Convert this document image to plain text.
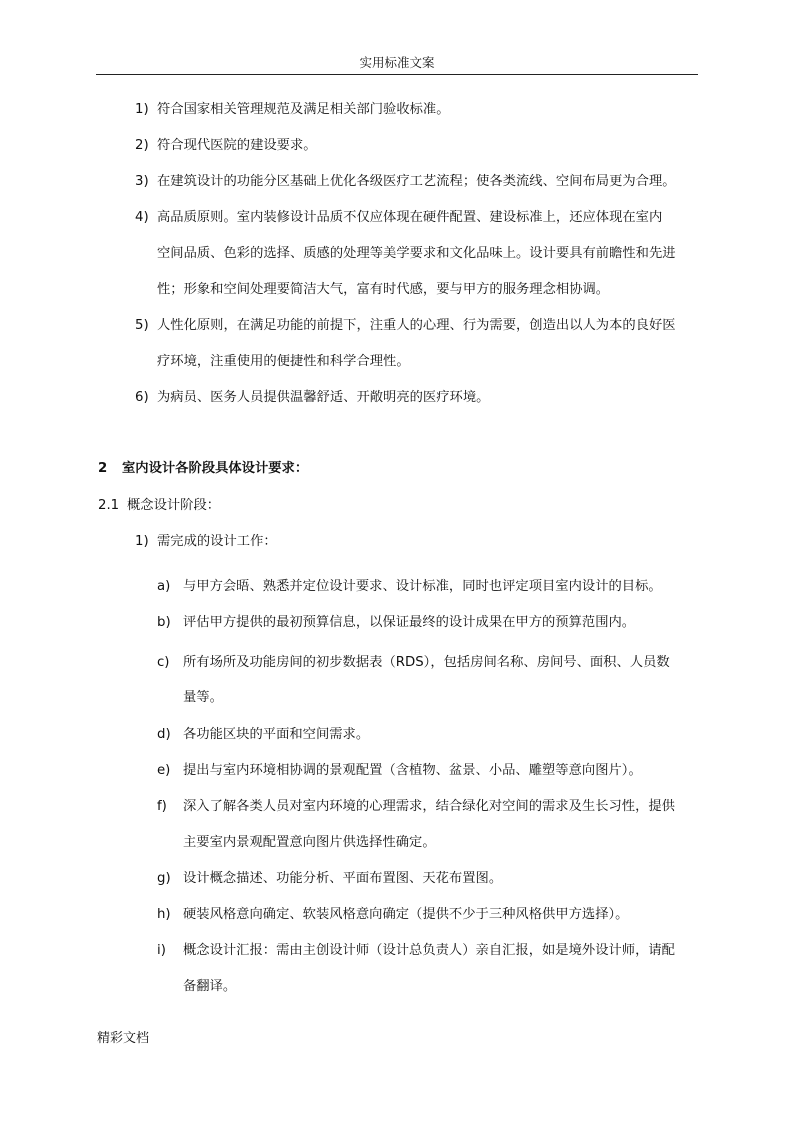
实用标准文案
1) 符合国家相关管理规范及满足相关部门验收标准。
2) 符合现代医院的建设要求。
3) 在建筑设计的功能分区基础上优化各级医疗工艺流程；使各类流线、空间布局更为合理。
4) 高品质原则。室内装修设计品质不仅应体现在硬件配置、建设标准上，还应体现在室内
空间品质、色彩的选择、质感的处理等美学要求和文化品味上。设计要具有前瞻性和先进
性；形象和空间处理要简洁大气，富有时代感，要与甲方的服务理念相协调。
5) 人性化原则，在满足功能的前提下，注重人的心理、行为需要，创造出以人为本的良好医
疗环境，注重使用的便捷性和科学合理性。
6) 为病员、医务人员提供温馨舒适、开敞明亮的医疗环境。
2 室内设计各阶段具体设计要求：
2.1 概念设计阶段：
1) 需完成的设计工作：
a) 与甲方会晤、熟悉并定位设计要求、设计标准，同时也评定项目室内设计的目标。
b) 评估甲方提供的最初预算信息，以保证最终的设计成果在甲方的预算范围内。
c) 所有场所及功能房间的初步数据表（RDS），包括房间名称、房间号、面积、人员数
量等。
d) 各功能区块的平面和空间需求。
e) 提出与室内环境相协调的景观配置（含植物、盆景、小品、雕塑等意向图片）。
f) 深入了解各类人员对室内环境的心理需求，结合绿化对空间的需求及生长习性，提供
主要室内景观配置意向图片供选择性确定。
g) 设计概念描述、功能分析、平面布置图、天花布置图。
h) 硬装风格意向确定、软装风格意向确定（提供不少于三种风格供甲方选择）。
i) 概念设计汇报：需由主创设计师（设计总负责人）亲自汇报，如是境外设计师，请配
备翻译。
精彩文档
